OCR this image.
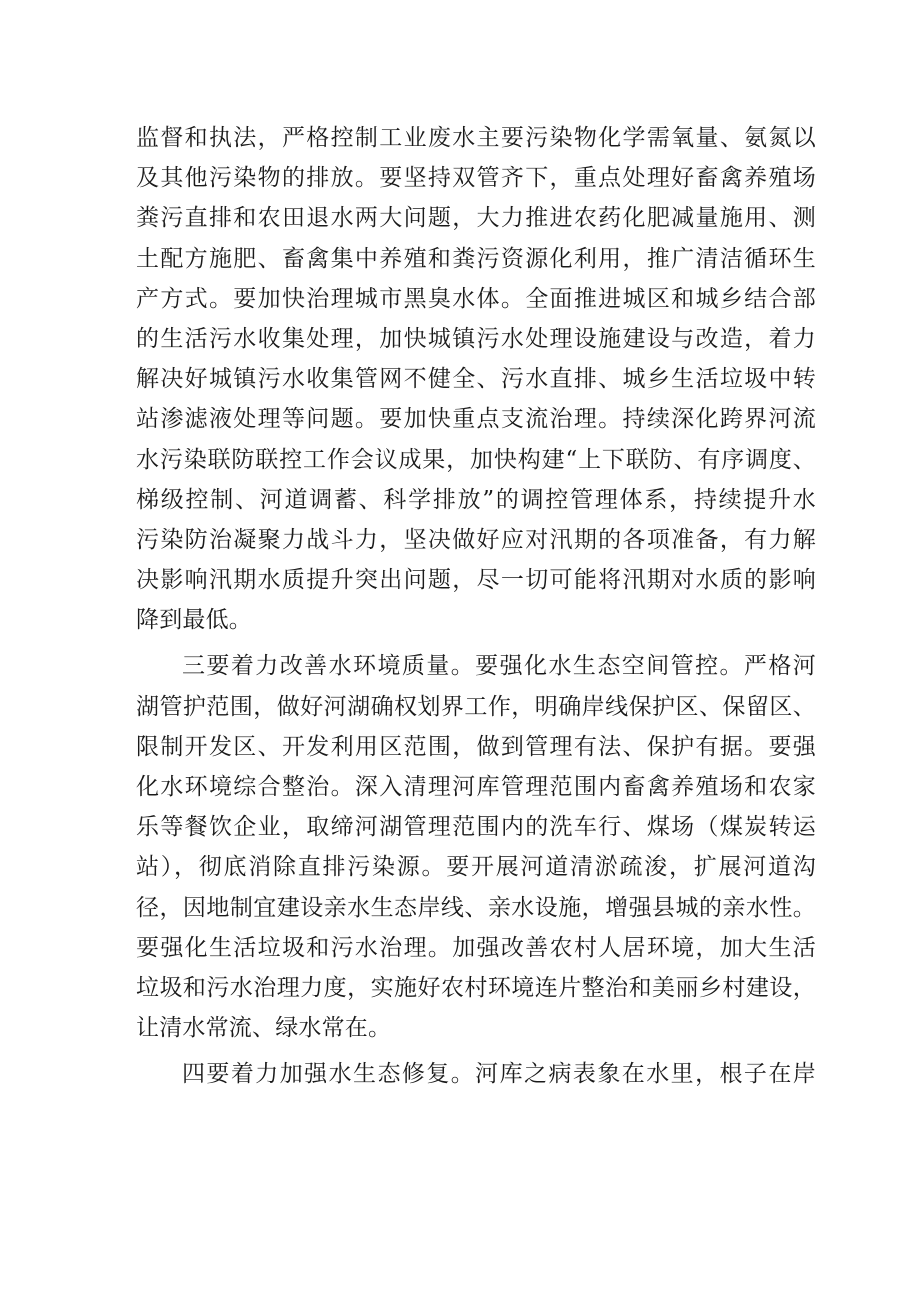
监督和执法，严格控制工业废水主要污染物化学需氧量、氨氮以
及其他污染物的排放。要坚持双管齐下，重点处理好畜禽养殖场
粪污直排和农田退水两大问题，大力推进农药化肥减量施用、测
土配方施肥、畜禽集中养殖和粪污资源化利用，推广清洁循环生
产方式。要加快治理城市黑臭水体。全面推进城区和城乡结合部
的生活污水收集处理，加快城镇污水处理设施建设与改造，着力
解决好城镇污水收集管网不健全、污水直排、城乡生活垃圾中转
站渗滤液处理等问题。要加快重点支流治理。持续深化跨界河流
水污染联防联控工作会议成果，加快构建“上下联防、有序调度、
梯级控制、河道调蓄、科学排放”的调控管理体系，持续提升水
污染防治凝聚力战斗力，坚决做好应对汛期的各项准备，有力解
决影响汛期水质提升突出问题，尽一切可能将汛期对水质的影响
降到最低。
三要着力改善水环境质量。要强化水生态空间管控。严格河
湖管护范围，做好河湖确权划界工作，明确岸线保护区、保留区、
限制开发区、开发利用区范围，做到管理有法、保护有据。要强
化水环境综合整治。深入清理河库管理范围内畜禽养殖场和农家
乐等餐饮企业，取缔河湖管理范围内的洗车行、煤场（煤炭转运
站），彻底消除直排污染源。要开展河道清淤疏浚，扩展河道沟
径，因地制宜建设亲水生态岸线、亲水设施，增强县城的亲水性。
要强化生活垃圾和污水治理。加强改善农村人居环境，加大生活
垃圾和污水治理力度，实施好农村环境连片整治和美丽乡村建设，
让清水常流、绿水常在。
四要着力加强水生态修复。河库之病表象在水里，根子在岸
